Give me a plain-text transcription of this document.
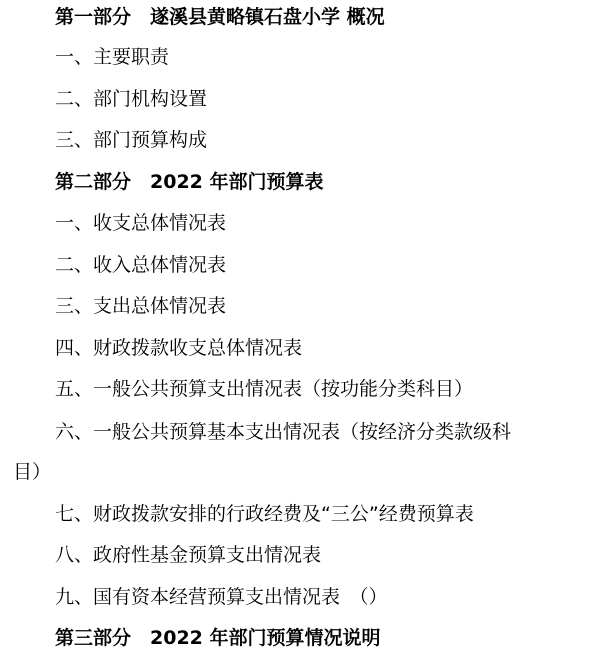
第一部分　遂溪县黄略镇石盘小学 概况
一、主要职责
二、部门机构设置
三、部门预算构成
第二部分　2022 年部门预算表
一、收支总体情况表
二、收入总体情况表
三、支出总体情况表
四、财政拨款收支总体情况表
五、一般公共预算支出情况表（按功能分类科目）
六、一般公共预算基本支出情况表（按经济分类款级科
目）
七、财政拨款安排的行政经费及“三公”经费预算表
八、政府性基金预算支出情况表
九、国有资本经营预算支出情况表　（）
第三部分　2022 年部门预算情况说明
